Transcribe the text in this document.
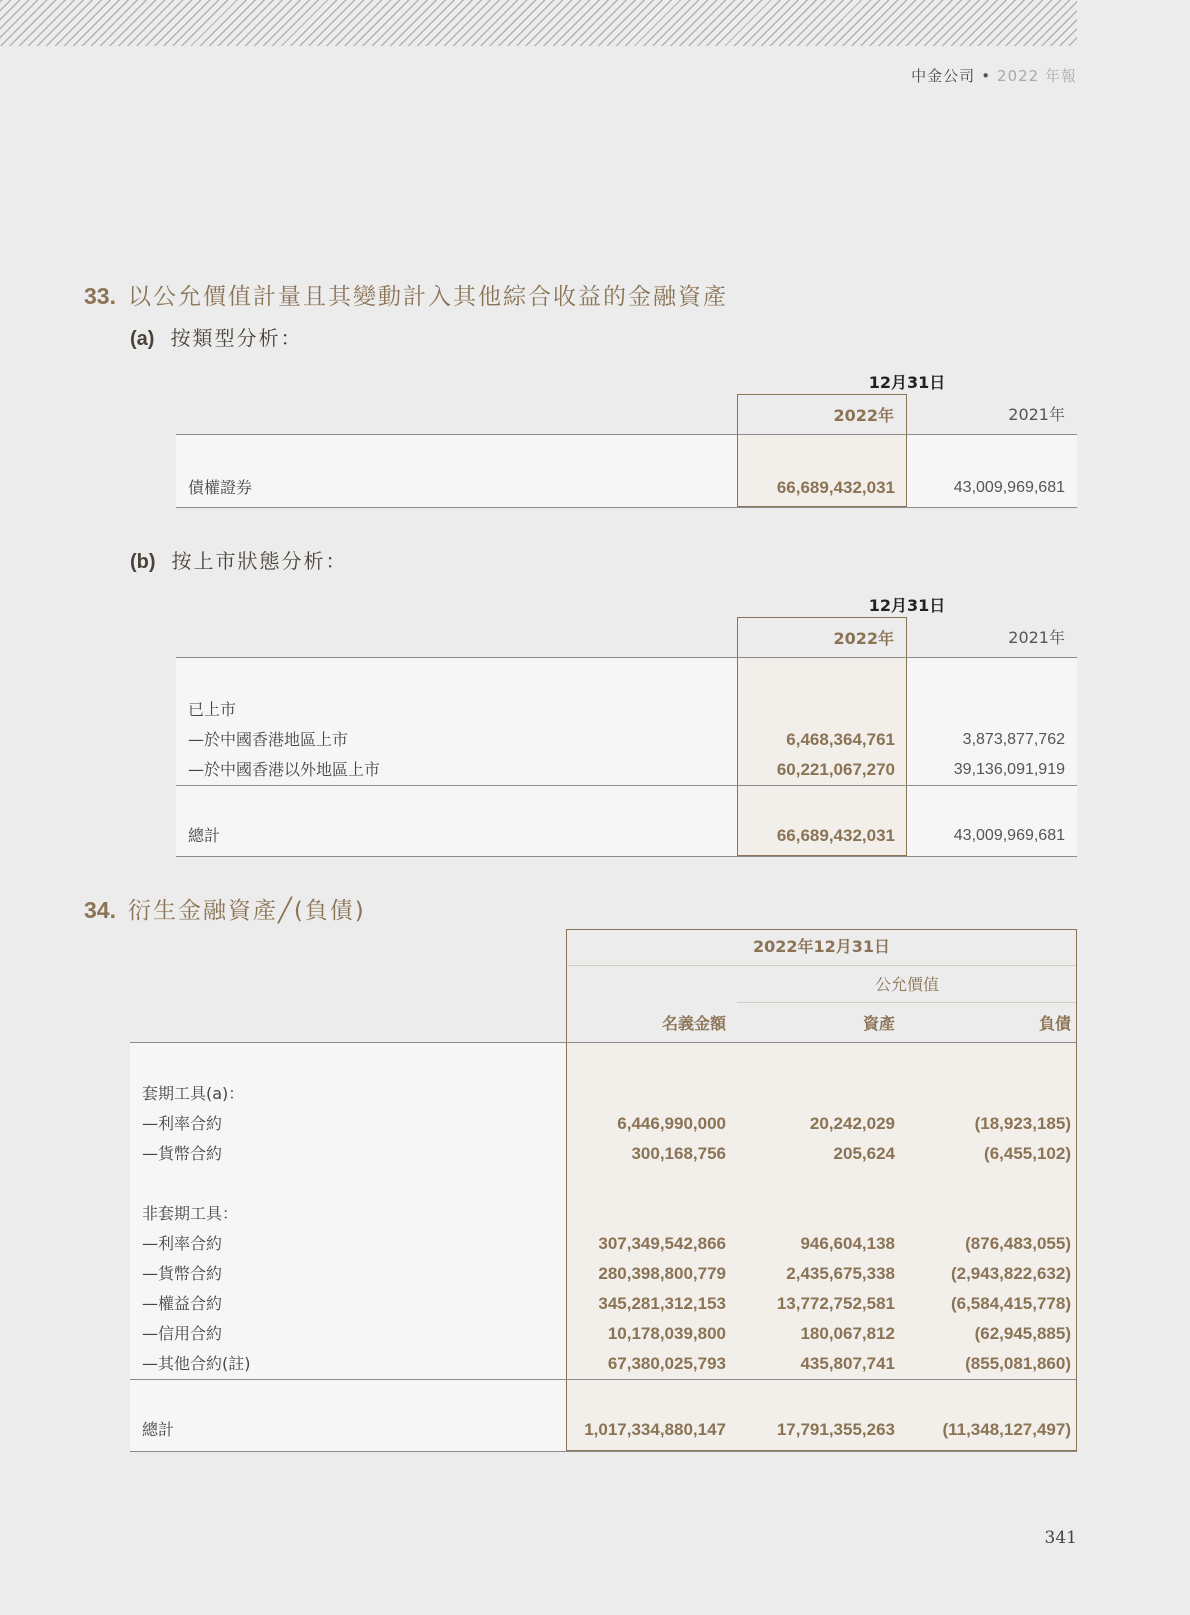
中金公司 • 2022 年報
33. 以公允價值計量且其變動計入其他綜合收益的金融資產
(a) 按類型分析：
12月31日
2022年	2021年
債權證券	66,689,432,031	43,009,969,681
(b) 按上市狀態分析：
12月31日
2022年	2021年
已上市
—於中國香港地區上市	6,468,364,761	3,873,877,762
—於中國香港以外地區上市	60,221,067,270	39,136,091,919
總計	66,689,432,031	43,009,969,681
34. 衍生金融資產╱(負債)
2022年12月31日
公允價值
名義金額	資產	負債
套期工具(a)：
—利率合約	6,446,990,000	20,242,029	(18,923,185)
—貨幣合約	300,168,756	205,624	(6,455,102)
非套期工具：
—利率合約	307,349,542,866	946,604,138	(876,483,055)
—貨幣合約	280,398,800,779	2,435,675,338	(2,943,822,632)
—權益合約	345,281,312,153	13,772,752,581	(6,584,415,778)
—信用合約	10,178,039,800	180,067,812	(62,945,885)
—其他合約(註)	67,380,025,793	435,807,741	(855,081,860)
總計	1,017,334,880,147	17,791,355,263	(11,348,127,497)
341
